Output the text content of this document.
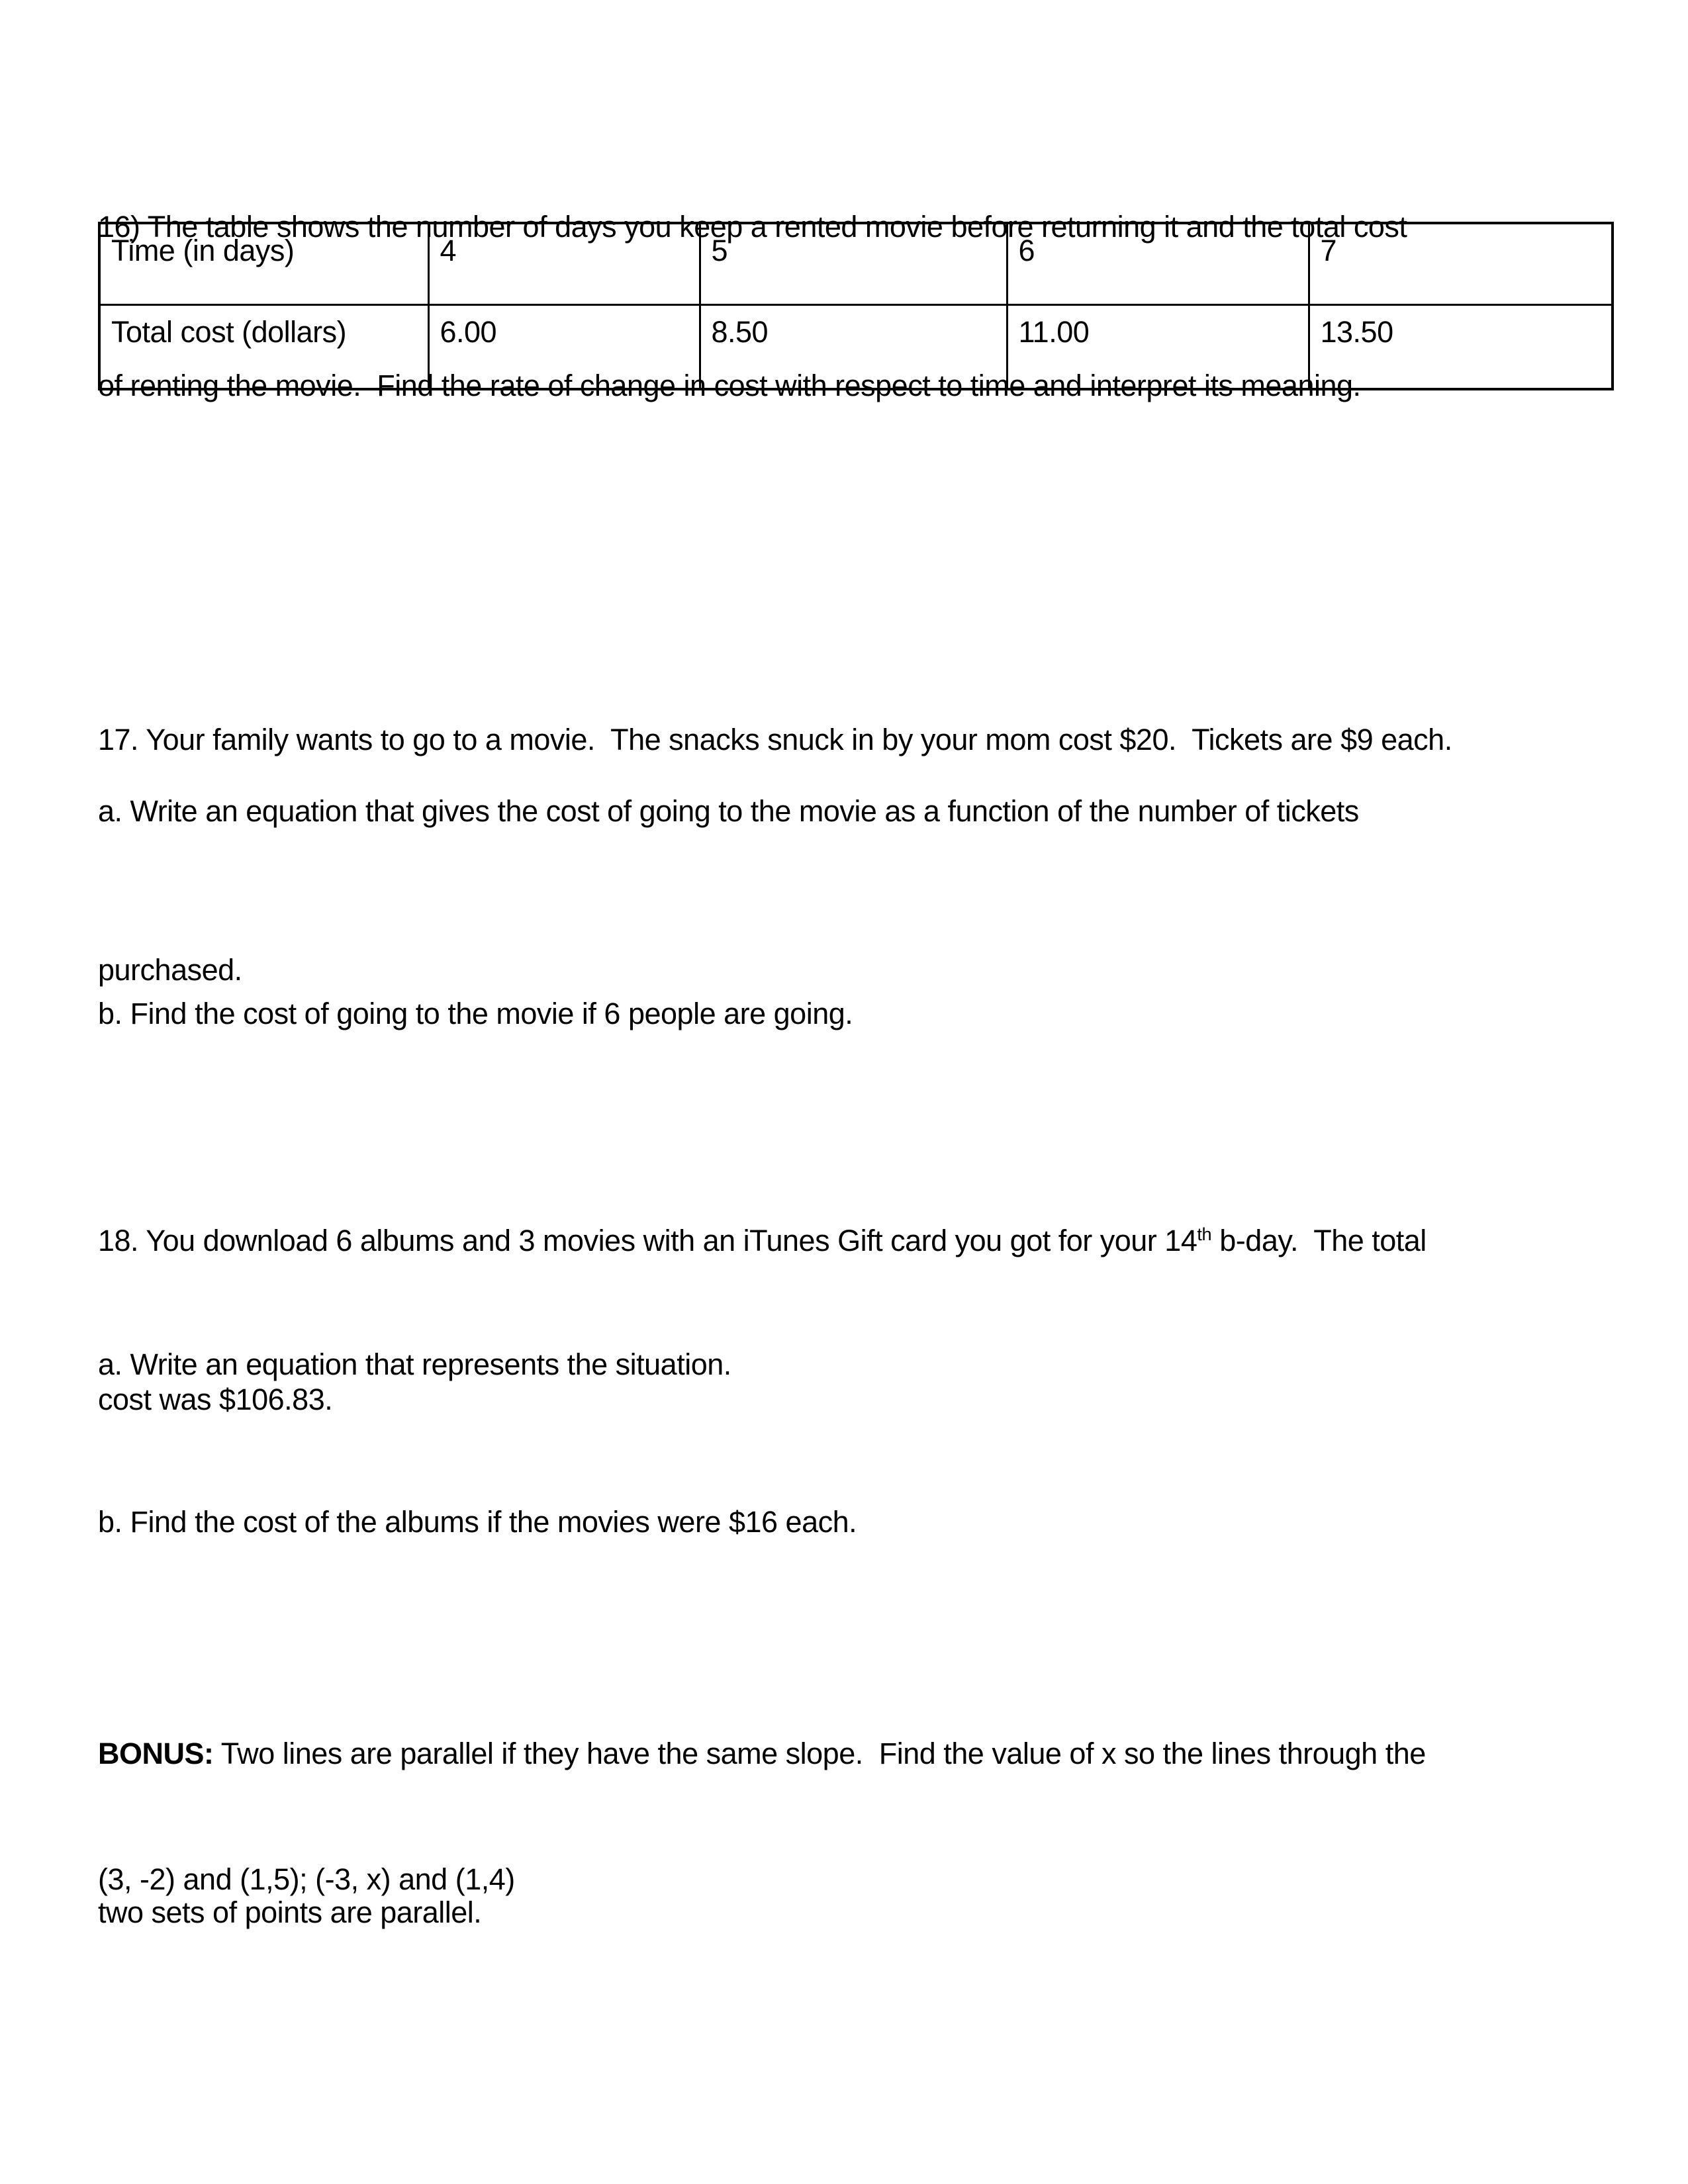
16) The table shows the number of days you keep a rented movie before returning it and the total cost

of renting the movie.  Find the rate of change in cost with respect to time and interpret its meaning.

Time (in days)	4	5	6	7
Total cost (dollars)	6.00	8.50	11.00	13.50

17. Your family wants to go to a movie.  The snacks snuck in by your mom cost $20.  Tickets are $9 each.

a. Write an equation that gives the cost of going to the movie as a function of the number of tickets

purchased.

b. Find the cost of going to the movie if 6 people are going.

18. You download 6 albums and 3 movies with an iTunes Gift card you got for your 14th b-day.  The total

cost was $106.83.

a. Write an equation that represents the situation.

b. Find the cost of the albums if the movies were $16 each.

BONUS: Two lines are parallel if they have the same slope.  Find the value of x so the lines through the

two sets of points are parallel.

(3, -2) and (1,5); (-3, x) and (1,4)
